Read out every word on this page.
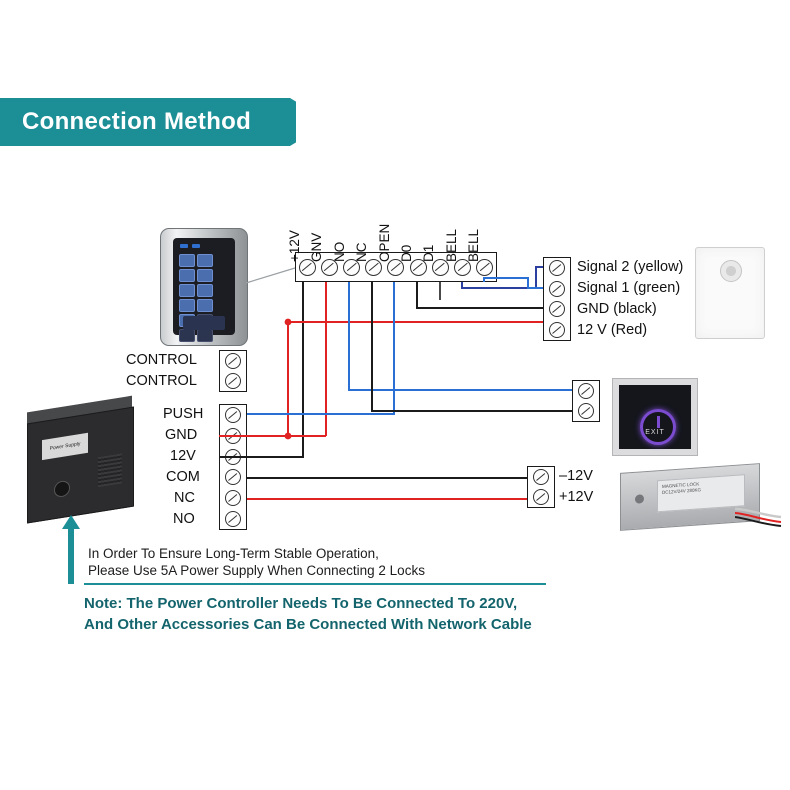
Connection Method
+12V GNV NO NC OPEN D0 D1 BELL BELL
Signal 2 (yellow)
Signal 1 (green)
GND (black)
12 V (Red)

EXIT
–12V
+12V
MAGNETIC LOCK
DC12V/24V 280KG
Power Supply
CONTROL
CONTROL
PUSH
GND
12V
COM
NC
NO
In Order To Ensure Long-Term Stable Operation,
Please Use 5A Power Supply When Connecting 2 Locks
Note: The Power Controller Needs To Be Connected To 220V,
And Other Accessories Can Be Connected With Network Cable
